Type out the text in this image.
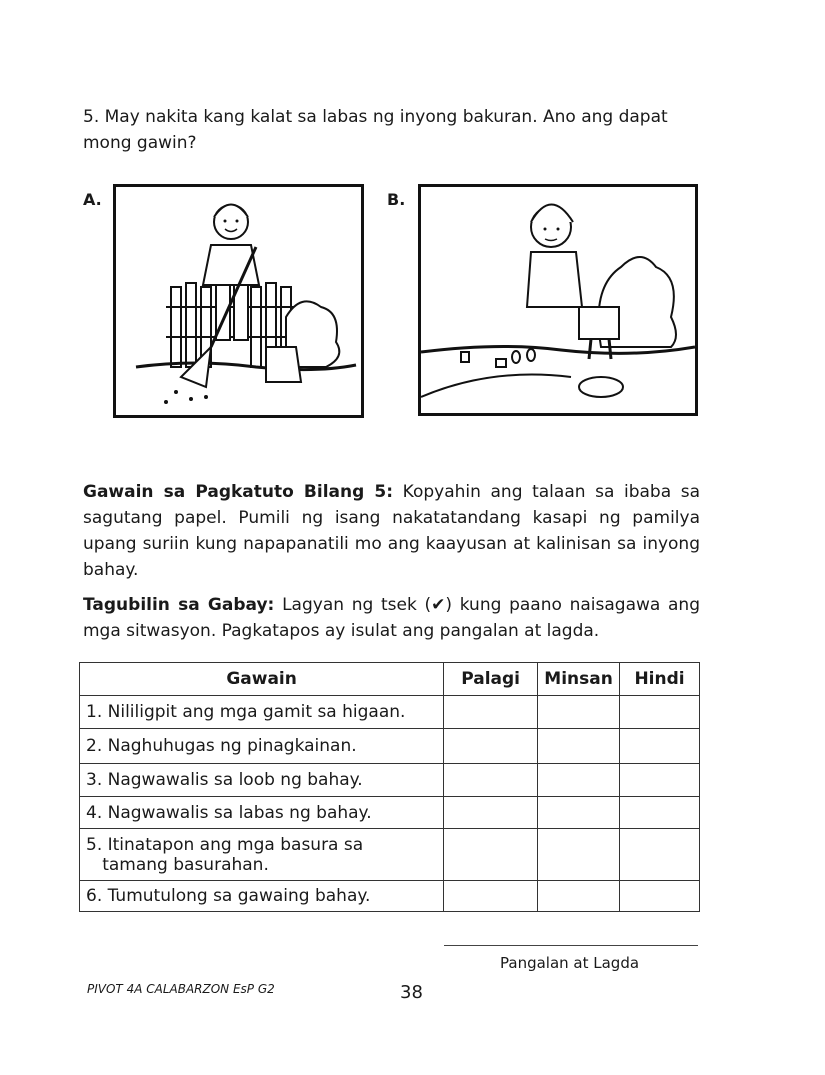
5. May nakita kang kalat sa labas ng inyong bakuran. Ano ang dapat mong gawin?
A.	B.
Gawain sa Pagkatuto Bilang 5: Kopyahin ang talaan sa ibaba sa sagutang papel. Pumili ng isang nakatatandang kasapi ng pamilya upang suriin kung napapanatili mo ang kaayusan at kalinisan sa inyong bahay.
Tagubilin sa Gabay: Lagyan ng tsek (✔) kung paano naisagawa ang mga sitwasyon. Pagkatapos ay isulat ang pangalan at lagda.
Gawain	Palagi	Minsan	Hindi
1. Nililigpit ang mga gamit sa higaan.			
2. Naghuhugas ng pinagkainan.			
3. Nagwawalis sa loob ng bahay.			
4. Nagwawalis sa labas ng bahay.			

5. Itinatapon ang mga basura sa
tamang basurahan.			

6. Tumutulong sa gawaing bahay.			
Pangalan at Lagda
PIVOT 4A CALABARZON EsP G2	38
